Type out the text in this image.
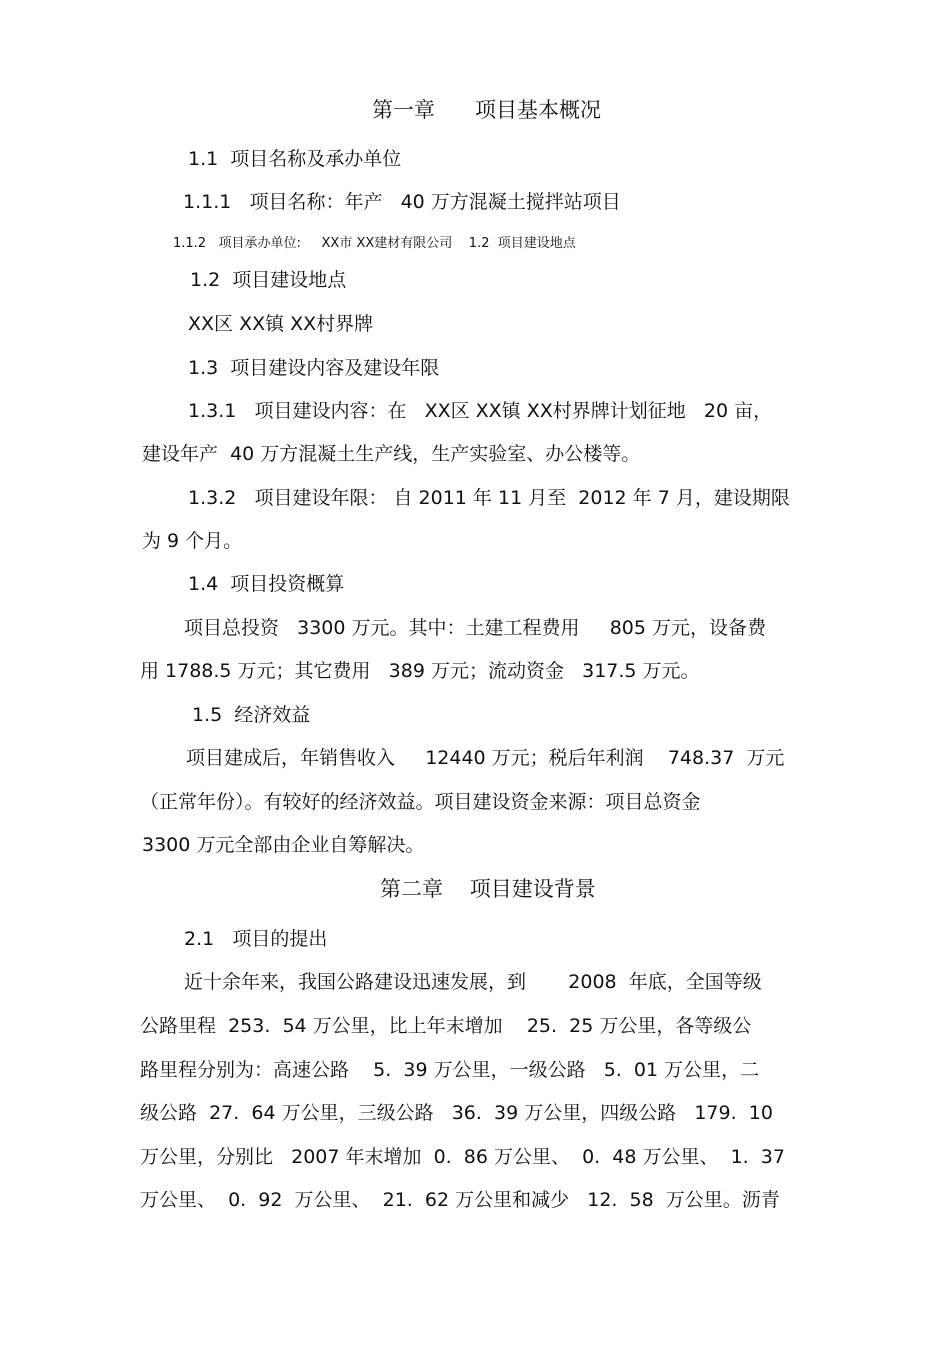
第一章      项目基本概况
1.1  项目名称及承办单位
1.1.1   项目名称：年产   40 万方混凝土搅拌站项目
1.1.2   项目承办单位:     XX市 XX建材有限公司    1.2  项目建设地点
1.2  项目建设地点
XX区 XX镇 XX村界牌
1.3  项目建设内容及建设年限
1.3.1   项目建设内容：在   XX区 XX镇 XX村界牌计划征地   20 亩，
建设年产  40 万方混凝土生产线，生产实验室、办公楼等。
1.3.2   项目建设年限： 自 2011 年 11 月至  2012 年 7 月，建设期限
为 9 个月。
1.4  项目投资概算
项目总投资   3300 万元。其中：土建工程费用     805 万元，设备费
用 1788.5 万元；其它费用   389 万元；流动资金   317.5 万元。
1.5  经济效益
项目建成后，年销售收入     12440 万元；税后年利润    748.37  万元
（正常年份）。有较好的经济效益。项目建设资金来源：项目总资金
3300 万元全部由企业自筹解决。
第二章    项目建设背景
2.1   项目的提出
近十余年来，我国公路建设迅速发展，到       2008  年底，全国等级
公路里程  253.  54 万公里，比上年末增加    25.  25 万公里，各等级公
路里程分别为：高速公路    5.  39 万公里，一级公路   5.  01 万公里，二
级公路  27.  64 万公里，三级公路   36.  39 万公里，四级公路   179.  10
万公里，分别比   2007 年末增加  0.  86 万公里、  0.  48 万公里、  1.  37
万公里、  0.  92  万公里、  21.  62 万公里和减少   12.  58  万公里。沥青
